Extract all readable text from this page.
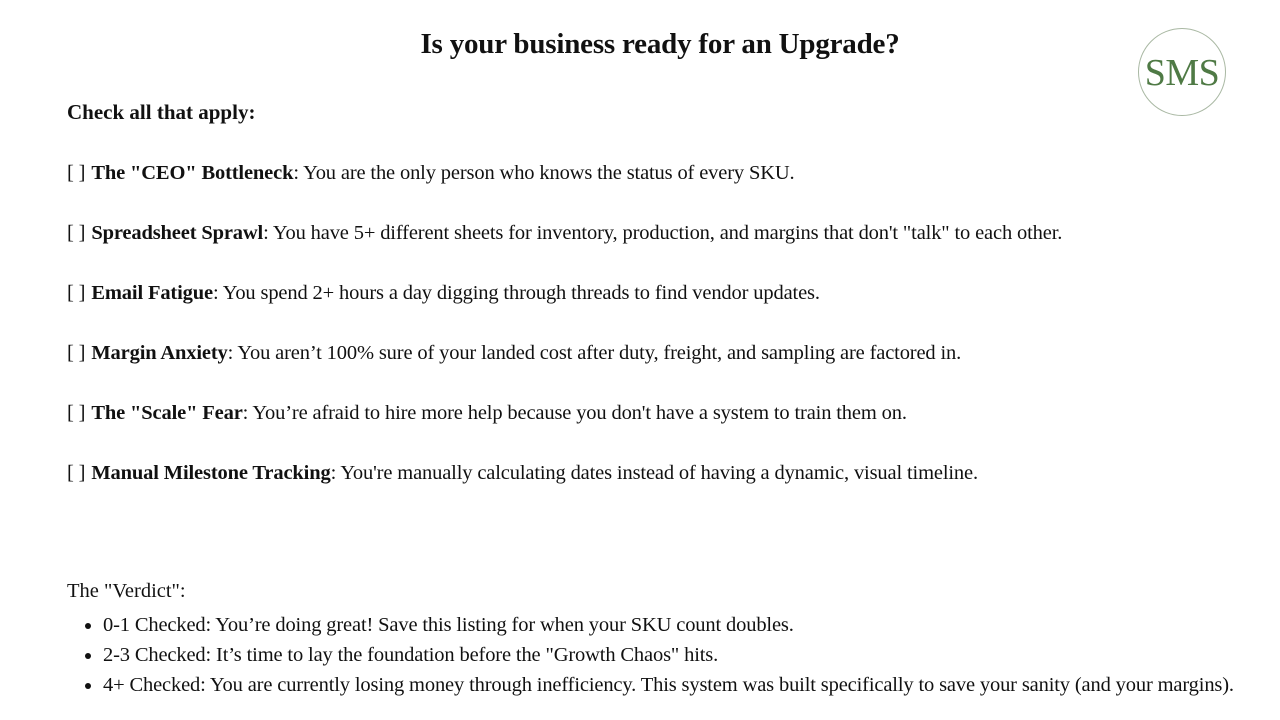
Is your business ready for an Upgrade?
SMS
Check all that apply:
[ ] The "CEO" Bottleneck: You are the only person who knows the status of every SKU.
[ ] Spreadsheet Sprawl: You have 5+ different sheets for inventory, production, and margins that don't "talk" to each other.
[ ] Email Fatigue: You spend 2+ hours a day digging through threads to find vendor updates.
[ ] Margin Anxiety: You aren’t 100% sure of your landed cost after duty, freight, and sampling are factored in.
[ ] The "Scale" Fear: You’re afraid to hire more help because you don't have a system to train them on.
[ ] Manual Milestone Tracking: You're manually calculating dates instead of having a dynamic, visual timeline.
The "Verdict":
• 0-1 Checked: You’re doing great! Save this listing for when your SKU count doubles.
• 2-3 Checked: It’s time to lay the foundation before the "Growth Chaos" hits.
• 4+ Checked: You are currently losing money through inefficiency. This system was built specifically to save your sanity (and your margins).
